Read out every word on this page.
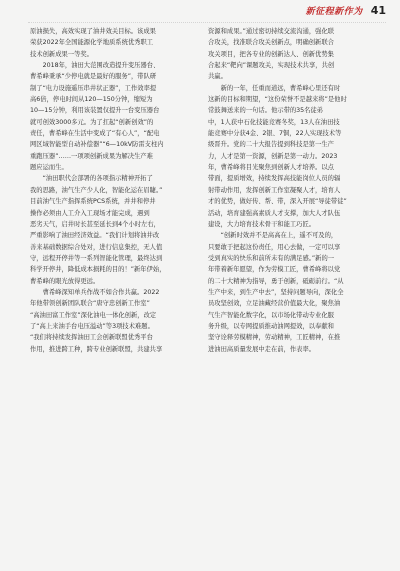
新征程新作为 41

原油损失，高效实现了油井效关目标。该成果
荣获2022年全国能源化学地质系统优秀职工
技术创新成果一等奖。

2018年，油田大范围改造提升变压器台、
曹希峰秉承“少停电就是最好的服务”，带队研
制了“电力设施遥压串井状正器”，工作效率提
高6倍，停电时间从120—150分钟，缩短为
10—15分钟，利用该装置仅提升一台变压器台
就可创效3000多元。为了扛起“创新创效”的
责任，曹希峰在生活中变成了“有心人”，“配电
网区域智能型自动补偿器”“6—10kV防雷支柱内
重跑压器”……一项项创新成果为解决生产难
题应运而生。

“油田职代会部署的各项指示精神开拓了
我的思路，油气生产少人化，智能化运在眉睫。”
目前油气生产指挥系统PCS系统，并井和停井
操作必须由人工介入工现场才能完成，遇到
恶劣天气，启井时长甚至延长到4个小时左右，
严重影响了油田经济效益。“我们计划将油井改
善来基础数据综合处对，进行信息集控，无人值
守，远程开停井等一系列智能化管理，最终达到
科学开停井，降低成本损耗的目的！”新年伊始，
曹希峰的眼光放得更远。

曹希峰深知单兵作战不如合作共赢。2022
年他带领创新团队联合“唐守忠创新工作室”
“高油田富工作室”深化油电一体化创新，改定
了“高上来油手台电压溢动”等3项技术难题。
“我们将持续发挥油田工会创新联盟优秀平台
作用，推进跨工种，跨专业创新联盟，共建共享

资源和成果。”通过密切持续交流沟通，强化联
合攻关，找准联合攻关创新点，明确创新联合
攻关项目，把各专业的创新达人、创新优势集
合起来“靶向”课题攻关，实现技术共享，共创
共赢。

新的一年，任重而道远，曹希峰心里还有时
这新的目标和期望，“这份荣誉不是越来将”是他时
常鼓舞送来的一句话。他示带的35名徒弟
中，1人获中石化技能竞赛冬奖，13人在油田技
能竞赛中分获4金、2银、7铜，22人实现技术等
级晋升。党的二十大报告提到科技是第一生产
力，人才是第一资源，创新是第一动力。2023
年，曹希峰将目光聚焦到创新人才培养。以点
带面，提质增效，持续发挥高技能岗位人员的辐
射带动作用，发挥创新工作室凝聚人才，培育人
才的优势，做好传、帮、带，深入开展“导徒带徒”
活动，培育建强高素质人才支撑，加大人才队伍
建设，大力培育技术骨干和能工巧匠。

“创新时效并不是高高在上，遥不可及的，
只要敢于把起这份责任，用心去做，一定可以享
受到真实的快乐和前所未有的满足感。”新的一
年带着新年愿望，作为劳模工匠，曹希峰将以党
的二十大精神为指导，勇于创新，砥砺前行。“从
生产中来，到生产中去”，坚持问题导向，深化全
员攻坚创效，立足油藏经营价值最大化，聚焦油
气生产智能化数字化，以市场化带动专业化服
务升级，以专网提质推动油网提效，以奉献和
坚守诠释劳模精神，劳动精神，工匠精神，在推
进油田高质量发展中走在前，作表率。
